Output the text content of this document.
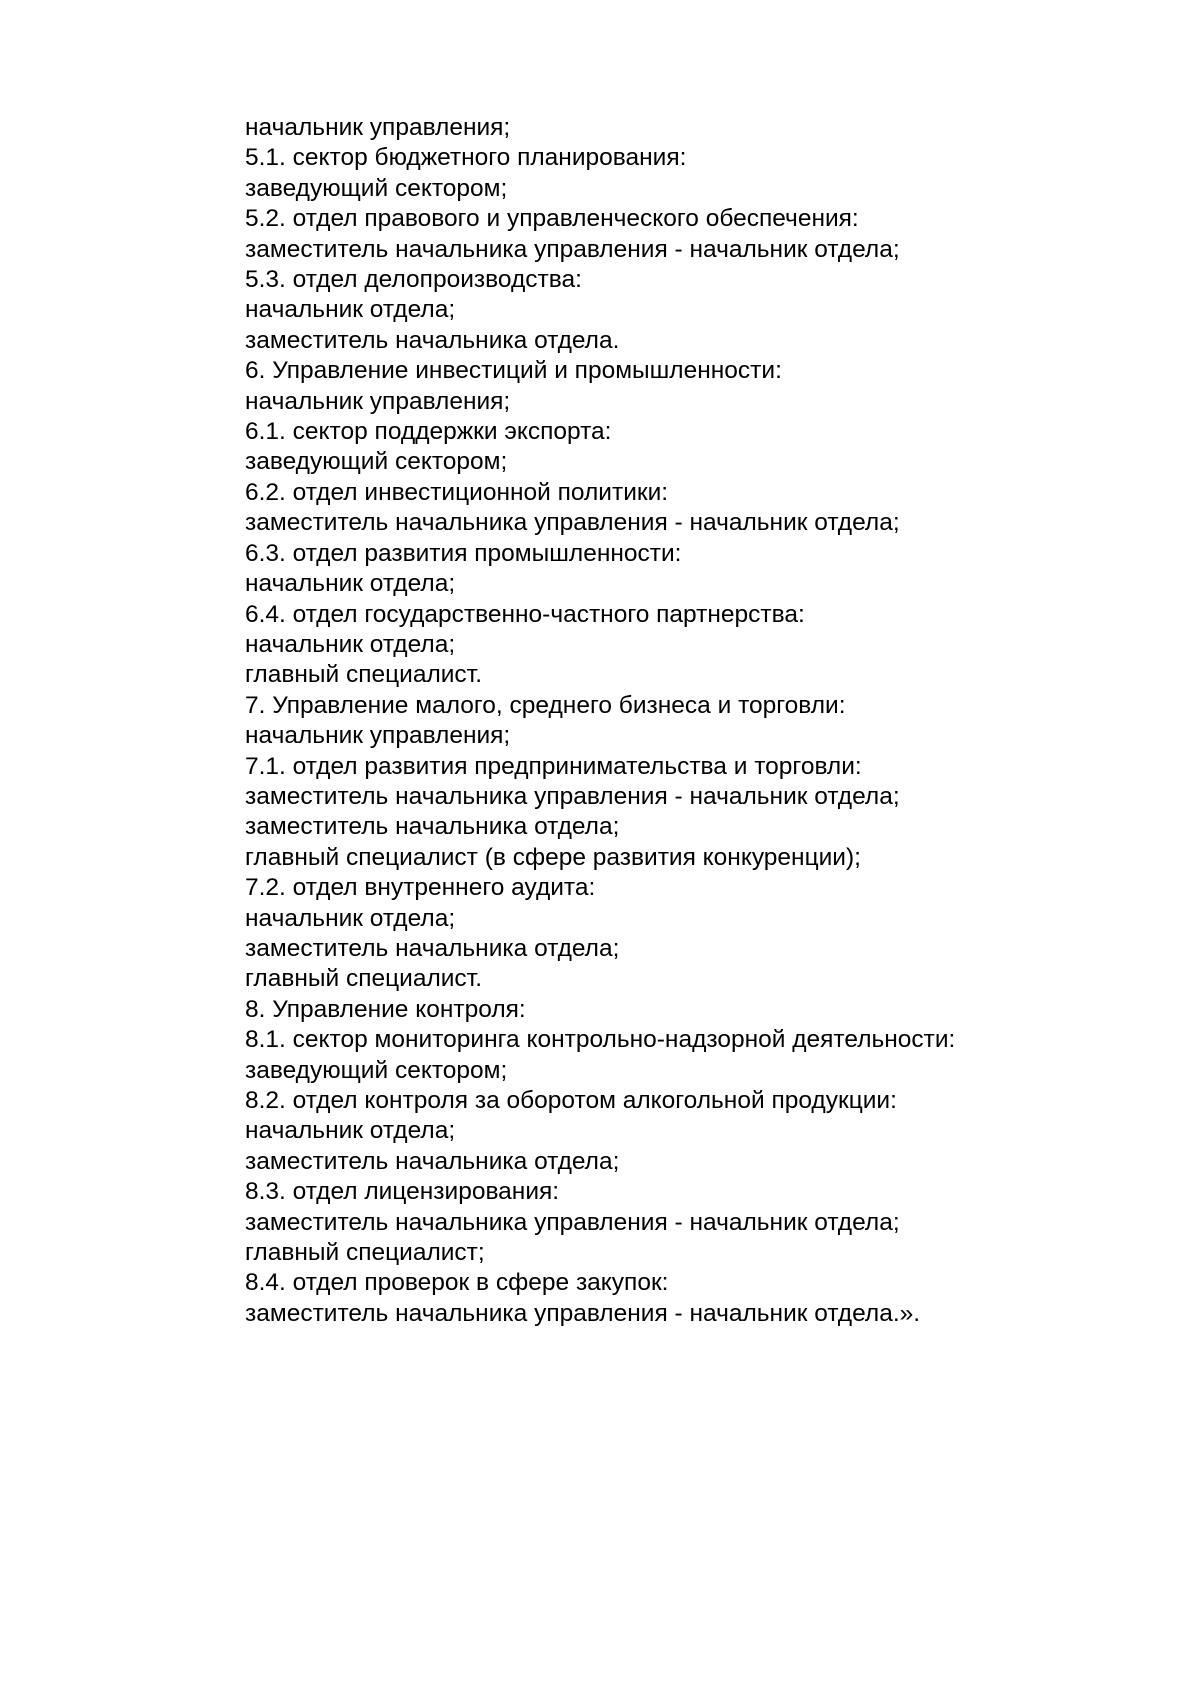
начальник управления;

5.1. сектор бюджетного планирования:

заведующий сектором;

5.2. отдел правового и управленческого обеспечения:

заместитель начальника управления - начальник отдела;

5.3. отдел делопроизводства:

начальник отдела;

заместитель начальника отдела.

6. Управление инвестиций и промышленности:

начальник управления;

6.1. сектор поддержки экспорта:

заведующий сектором;

6.2. отдел инвестиционной политики:

заместитель начальника управления - начальник отдела;

6.3. отдел развития промышленности:

начальник отдела;

6.4. отдел государственно-частного партнерства:

начальник отдела;

главный специалист.

7. Управление малого, среднего бизнеса и торговли:

начальник управления;

7.1. отдел развития предпринимательства и торговли:

заместитель начальника управления - начальник отдела;

заместитель начальника отдела;

главный специалист (в сфере развития конкуренции);

7.2. отдел внутреннего аудита:

начальник отдела;

заместитель начальника отдела;

главный специалист.

8. Управление контроля:

8.1. сектор мониторинга контрольно-надзорной деятельности:

заведующий сектором;

8.2. отдел контроля за оборотом алкогольной продукции:

начальник отдела;

заместитель начальника отдела;

8.3. отдел лицензирования:

заместитель начальника управления - начальник отдела;

главный специалист;

8.4. отдел проверок в сфере закупок:

заместитель начальника управления - начальник отдела.».
